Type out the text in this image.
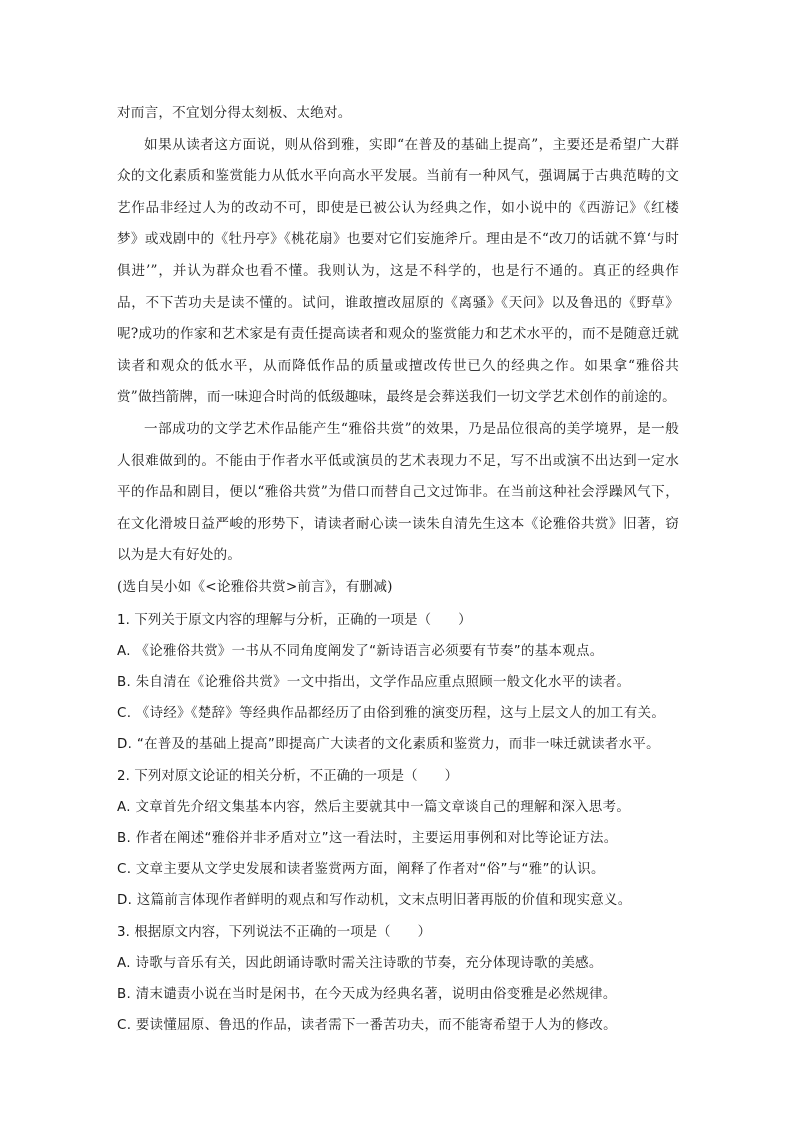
对而言，不宜划分得太刻板、太绝对。

如果从读者这方面说，则从俗到雅，实即“在普及的基础上提高”，主要还是希望广大群众的文化素质和鉴赏能力从低水平向高水平发展。当前有一种风气，强调属于古典范畴的文艺作品非经过人为的改动不可，即使是已被公认为经典之作，如小说中的《西游记》《红楼梦》或戏剧中的《牡丹亭》《桃花扇》也要对它们妄施斧斤。理由是不“改刀的话就不算‘与时俱进’”，并认为群众也看不懂。我则认为，这是不科学的，也是行不通的。真正的经典作品，不下苦功夫是读不懂的。试问，谁敢擅改屈原的《离骚》《天问》以及鲁迅的《野草》呢?成功的作家和艺术家是有责任提高读者和观众的鉴赏能力和艺术水平的，而不是随意迁就读者和观众的低水平，从而降低作品的质量或擅改传世已久的经典之作。如果拿“雅俗共赏”做挡箭牌，而一味迎合时尚的低级趣味，最终是会葬送我们一切文学艺术创作的前途的。

一部成功的文学艺术作品能产生“雅俗共赏”的效果，乃是品位很高的美学境界，是一般人很难做到的。不能由于作者水平低或演员的艺术表现力不足，写不出或演不出达到一定水平的作品和剧目，便以“雅俗共赏”为借口而替自己文过饰非。在当前这种社会浮躁风气下，在文化滑坡日益严峻的形势下，请读者耐心读一读朱自清先生这本《论雅俗共赏》旧著，窃以为是大有好处的。

(选自吴小如《<论雅俗共赏>前言》，有删减)

1. 下列关于原文内容的理解与分析，正确的一项是（　　）

A. 《论雅俗共赏》一书从不同角度阐发了“新诗语言必须要有节奏”的基本观点。

B. 朱自清在《论雅俗共赏》一文中指出，文学作品应重点照顾一般文化水平的读者。

C. 《诗经》《楚辞》等经典作品都经历了由俗到雅的演变历程，这与上层文人的加工有关。

D. “在普及的基础上提高”即提高广大读者的文化素质和鉴赏力，而非一味迁就读者水平。

2. 下列对原文论证的相关分析，不正确的一项是（　　）

A. 文章首先介绍文集基本内容，然后主要就其中一篇文章谈自己的理解和深入思考。

B. 作者在阐述“雅俗并非矛盾对立”这一看法时，主要运用事例和对比等论证方法。

C. 文章主要从文学史发展和读者鉴赏两方面，阐释了作者对“俗”与“雅”的认识。

D. 这篇前言体现作者鲜明的观点和写作动机，文末点明旧著再版的价值和现实意义。

3. 根据原文内容，下列说法不正确的一项是（　　）

A. 诗歌与音乐有关，因此朗诵诗歌时需关注诗歌的节奏，充分体现诗歌的美感。

B. 清末谴责小说在当时是闲书，在今天成为经典名著，说明由俗变雅是必然规律。

C. 要读懂屈原、鲁迅的作品，读者需下一番苦功夫，而不能寄希望于人为的修改。
